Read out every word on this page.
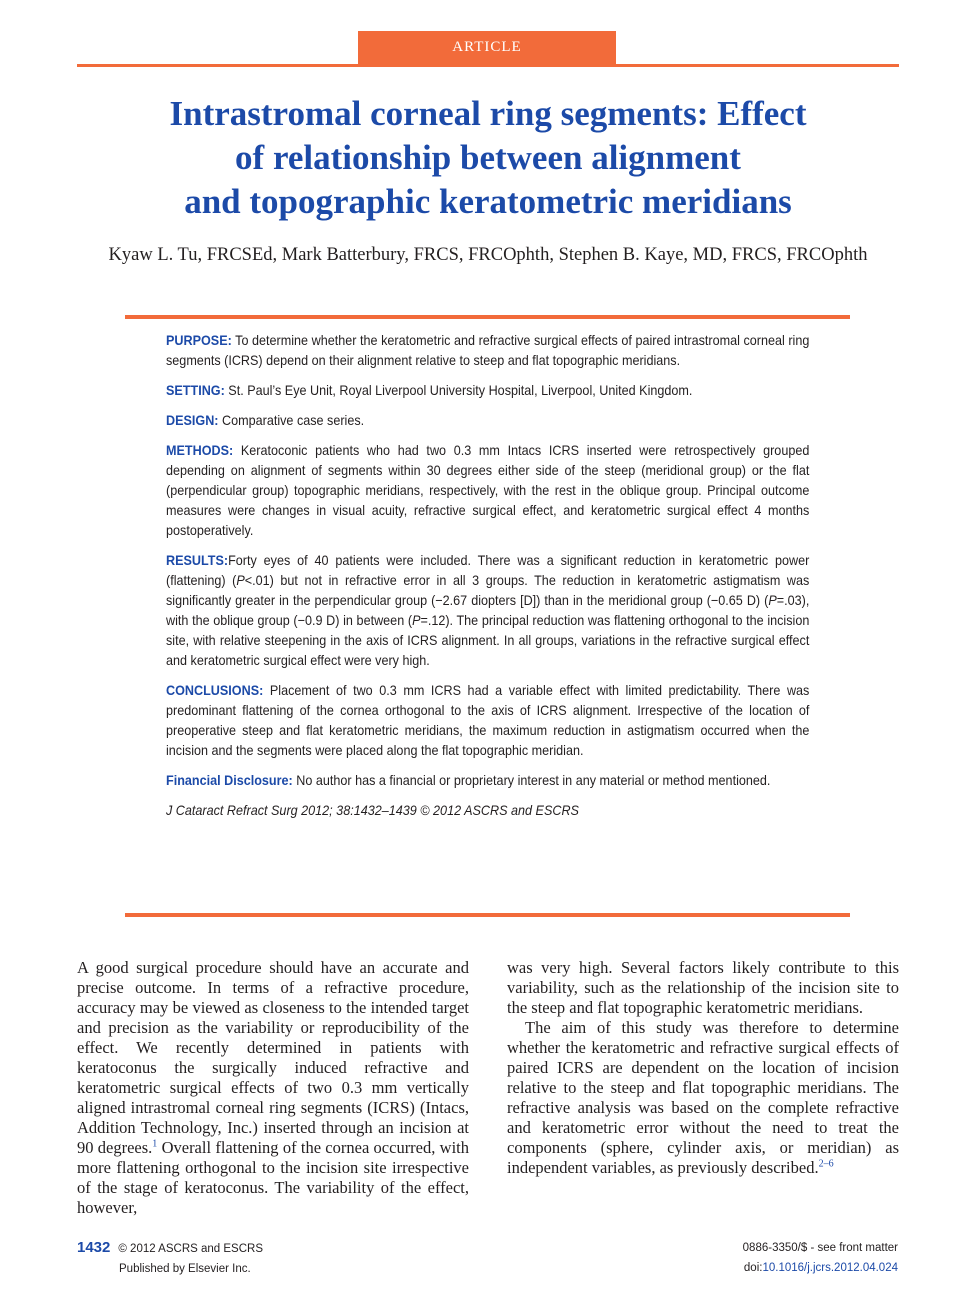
ARTICLE
Intrastromal corneal ring segments: Effect
of relationship between alignment
and topographic keratometric meridians
Kyaw L. Tu, FRCSEd, Mark Batterbury, FRCS, FRCOphth, Stephen B. Kaye, MD, FRCS, FRCOphth

PURPOSE: To determine whether the keratometric and refractive surgical effects of paired intrastromal corneal ring segments (ICRS) depend on their alignment relative to steep and flat topographic meridians.

SETTING: St. Paul’s Eye Unit, Royal Liverpool University Hospital, Liverpool, United Kingdom.

DESIGN: Comparative case series.

METHODS: Keratoconic patients who had two 0.3 mm Intacs ICRS inserted were retrospectively grouped depending on alignment of segments within 30 degrees either side of the steep (meridional group) or the flat (perpendicular group) topographic meridians, respectively, with the rest in the oblique group. Principal outcome measures were changes in visual acuity, refractive surgical effect, and keratometric surgical effect 4 months postoperatively.

RESULTS:Forty eyes of 40 patients were included. There was a significant reduction in keratometric power (flattening) (P<.01) but not in refractive error in all 3 groups. The reduction in keratometric astigmatism was significantly greater in the perpendicular group (−2.67 diopters [D]) than in the meridional group (−0.65 D) (P=.03), with the oblique group (−0.9 D) in between (P=.12). The principal reduction was flattening orthogonal to the incision site, with relative steepening in the axis of ICRS alignment. In all groups, variations in the refractive surgical effect and keratometric surgical effect were very high.

CONCLUSIONS: Placement of two 0.3 mm ICRS had a variable effect with limited predictability. There was predominant flattening of the cornea orthogonal to the axis of ICRS alignment. Irrespective of the location of preoperative steep and flat keratometric meridians, the maximum reduction in astigmatism occurred when the incision and the segments were placed along the flat topographic meridian.

Financial Disclosure: No author has a financial or proprietary interest in any material or method mentioned.

J Cataract Refract Surg 2012; 38:1432–1439 © 2012 ASCRS and ESCRS

A good surgical procedure should have an accurate and precise outcome. In terms of a refractive procedure, accuracy may be viewed as closeness to the intended target and precision as the variability or reproducibility of the effect. We recently determined in patients with keratoconus the surgically induced refractive and keratometric surgical effects of two 0.3 mm vertically aligned intrastromal corneal ring segments (ICRS) (Intacs, Addition Technology, Inc.) inserted through an incision at 90 degrees.$^1$ Overall flattening of the cornea occurred, with more flattening orthogonal to the incision site irrespective of the stage of keratoconus. The variability of the effect, however,

was very high. Several factors likely contribute to this variability, such as the relationship of the incision site to the steep and flat topographic keratometric meridians.

The aim of this study was therefore to determine whether the keratometric and refractive surgical effects of paired ICRS are dependent on the location of incision relative to the steep and flat topographic meridians. The refractive analysis was based on the complete refractive and keratometric error without the need to treat the components (sphere, cylinder axis, or meridian) as independent variables, as previously described.$^{2-6}$

1432 © 2012 ASCRS and ESCRS
Published by Elsevier Inc.
0886-3350/$ - see front matter
doi:10.1016/j.jcrs.2012.04.024
